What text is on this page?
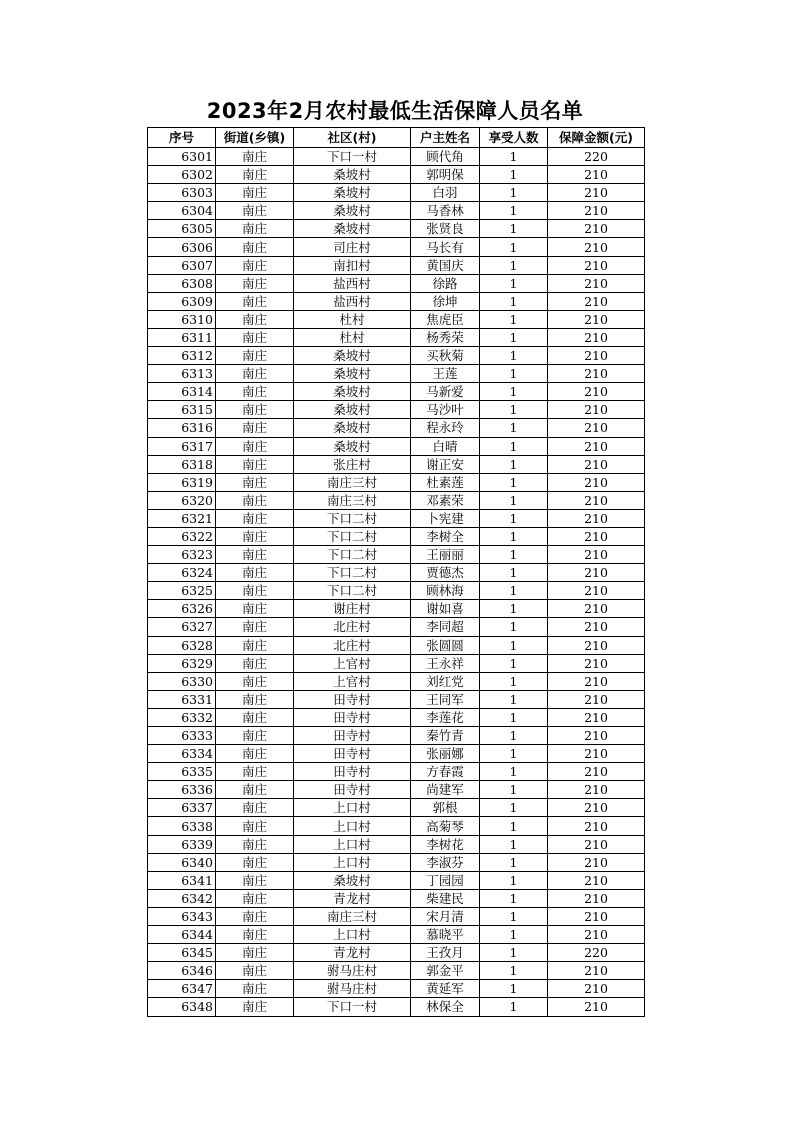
2023年2月农村最低生活保障人员名单
序号	街道(乡镇)	社区(村)	户主姓名	享受人数	保障金额(元)
6301	南庄	下口一村	顾代角	1	220
6302	南庄	桑坡村	郭明保	1	210
6303	南庄	桑坡村	白羽	1	210
6304	南庄	桑坡村	马香林	1	210
6305	南庄	桑坡村	张贤良	1	210
6306	南庄	司庄村	马长有	1	210
6307	南庄	南扣村	黄国庆	1	210
6308	南庄	盐西村	徐路	1	210
6309	南庄	盐西村	徐坤	1	210
6310	南庄	杜村	焦虎臣	1	210
6311	南庄	杜村	杨秀荣	1	210
6312	南庄	桑坡村	买秋菊	1	210
6313	南庄	桑坡村	王莲	1	210
6314	南庄	桑坡村	马新爱	1	210
6315	南庄	桑坡村	马沙叶	1	210
6316	南庄	桑坡村	程永玲	1	210
6317	南庄	桑坡村	白晴	1	210
6318	南庄	张庄村	谢正安	1	210
6319	南庄	南庄三村	杜素莲	1	210
6320	南庄	南庄三村	邓素荣	1	210
6321	南庄	下口二村	卜宪建	1	210
6322	南庄	下口二村	李树全	1	210
6323	南庄	下口二村	王丽丽	1	210
6324	南庄	下口二村	贾德杰	1	210
6325	南庄	下口二村	顾林海	1	210
6326	南庄	谢庄村	谢如喜	1	210
6327	南庄	北庄村	李同超	1	210
6328	南庄	北庄村	张圆圆	1	210
6329	南庄	上官村	王永祥	1	210
6330	南庄	上官村	刘红党	1	210
6331	南庄	田寺村	王同军	1	210
6332	南庄	田寺村	李莲花	1	210
6333	南庄	田寺村	秦竹青	1	210
6334	南庄	田寺村	张丽娜	1	210
6335	南庄	田寺村	方春霞	1	210
6336	南庄	田寺村	尚建军	1	210
6337	南庄	上口村	郭根	1	210
6338	南庄	上口村	高菊琴	1	210
6339	南庄	上口村	李树花	1	210
6340	南庄	上口村	李淑芬	1	210
6341	南庄	桑坡村	丁园园	1	210
6342	南庄	青龙村	柴建民	1	210
6343	南庄	南庄三村	宋月清	1	210
6344	南庄	上口村	慕晓平	1	210
6345	南庄	青龙村	王孜月	1	220
6346	南庄	驸马庄村	郭金平	1	210
6347	南庄	驸马庄村	黄延军	1	210
6348	南庄	下口一村	林保全	1	210
